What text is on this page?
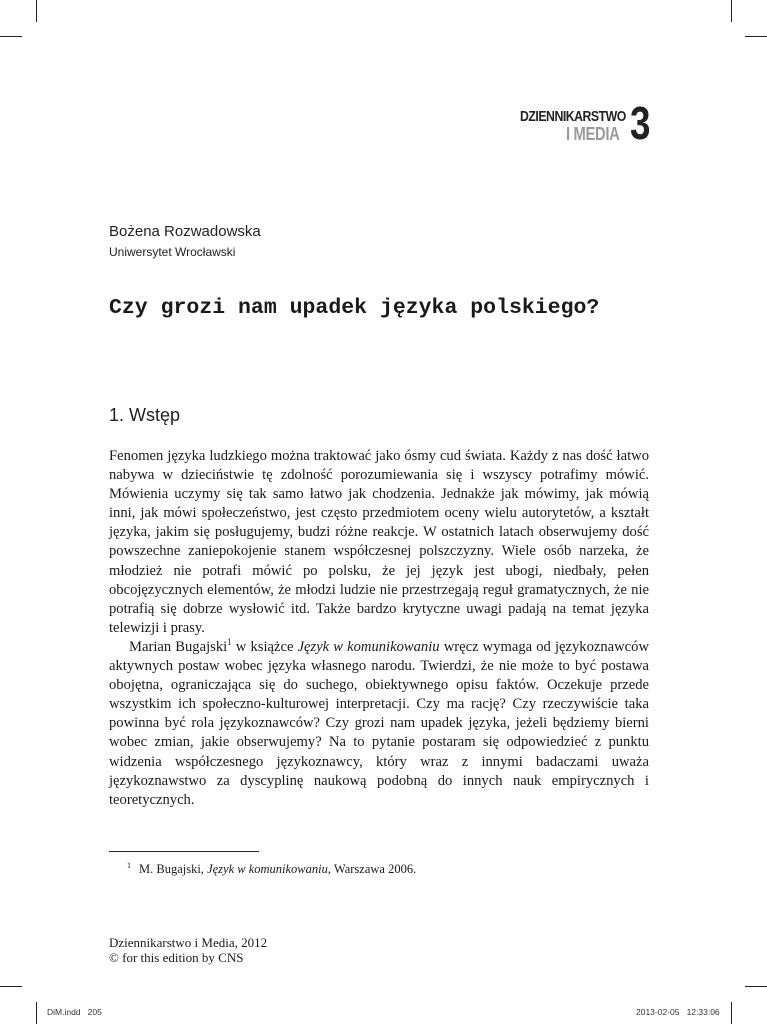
DZIENNIKARSTWO
I MEDIA 3
Bożena Rozwadowska
Uniwersytet Wrocławski
Czy grozi nam upadek języka polskiego?
1. Wstęp

Fenomen języka ludzkiego można traktować jako ósmy cud świata. Każdy z nas dość łatwo nabywa w dzieciństwie tę zdolność porozumiewania się i wszyscy potrafimy mówić. Mówienia uczymy się tak samo łatwo jak chodzenia. Jednakże jak mówimy, jak mówią inni, jak mówi społeczeństwo, jest często przedmiotem oceny wielu autorytetów, a kształt języka, jakim się posługujemy, budzi różne reakcje. W ostatnich latach obserwujemy dość powszechne zaniepokojenie stanem współczesnej polszczyzny. Wiele osób narzeka, że młodzież nie potrafi mówić po polsku, że jej język jest ubogi, niedbały, pełen obcojęzycznych elementów, że młodzi ludzie nie przestrzegają reguł gramatycznych, że nie potrafią się dobrze wysłowić itd. Także bardzo krytyczne uwagi padają na temat języka telewizji i prasy.

Marian Bugajski$^1$ w książce Język w komunikowaniu wręcz wymaga od językoznawców aktywnych postaw wobec języka własnego narodu. Twierdzi, że nie może to być postawa obojętna, ograniczająca się do suchego, obiektywnego opisu faktów. Oczekuje przede wszystkim ich społeczno-kulturowej interpretacji. Czy ma rację? Czy rzeczywiście taka powinna być rola językoznawców? Czy grozi nam upadek języka, jeżeli będziemy bierni wobec zmian, jakie obserwujemy? Na to pytanie postaram się odpowiedzieć z punktu widzenia współczesnego językoznawcy, który wraz z innymi badaczami uważa językoznawstwo za dyscyplinę naukową podobną do innych nauk empirycznych i teoretycznych.

$^1$ M. Bugajski, Język w komunikowaniu, Warszawa 2006.
Dziennikarstwo i Media, 2012
© for this edition by CNS
DiM.indd   205	2013-02-05   12:33:06
